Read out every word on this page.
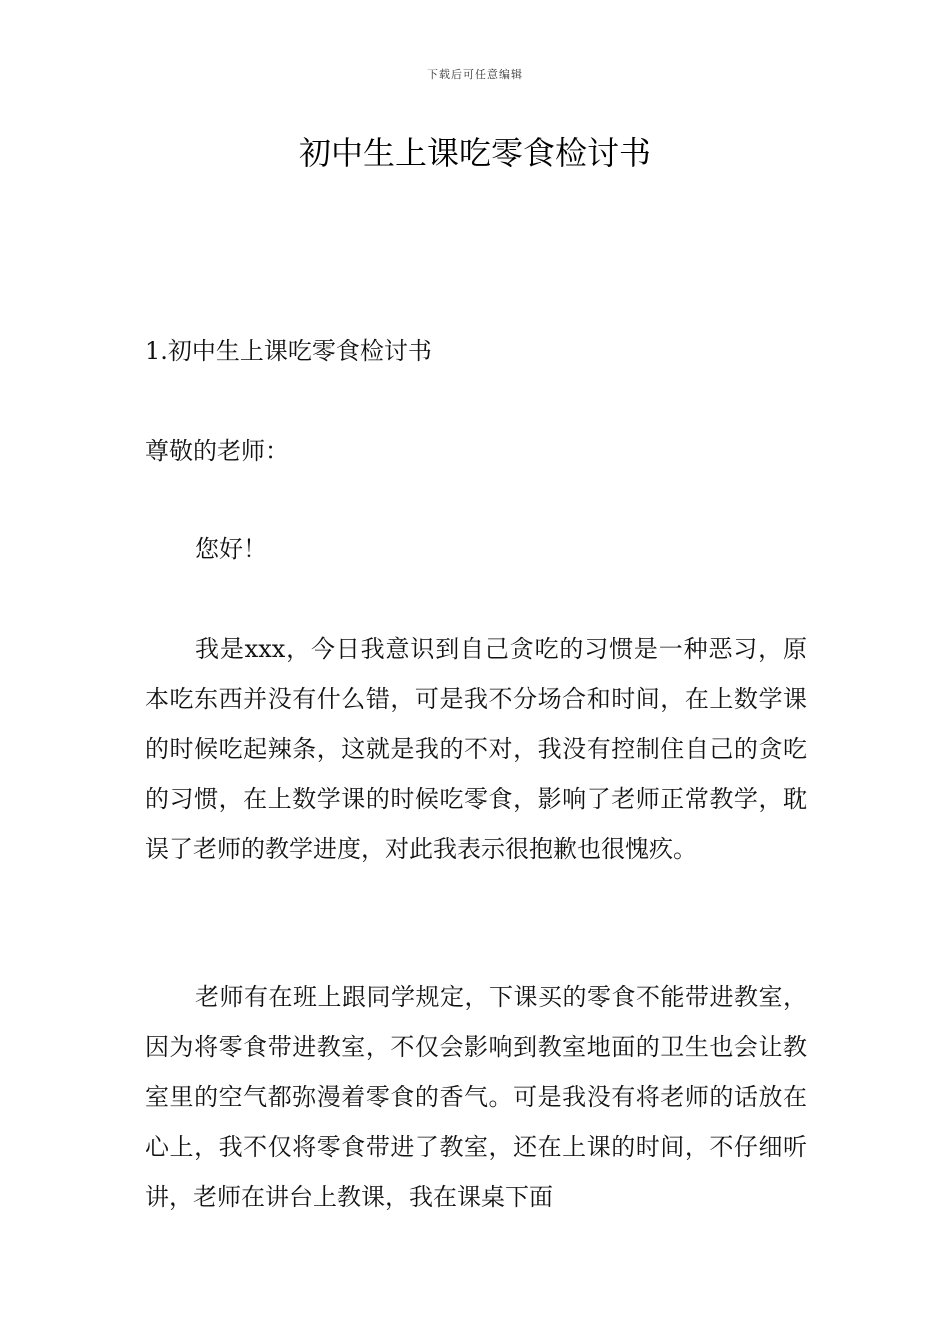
下载后可任意编辑
初中生上课吃零食检讨书

1.初中生上课吃零食检讨书

尊敬的老师：

您好！

我是xxx，今日我意识到自己贪吃的习惯是一种恶习，原本吃东西并没有什么错，可是我不分场合和时间，在上数学课的时候吃起辣条，这就是我的不对，我没有控制住自己的贪吃的习惯，在上数学课的时候吃零食，影响了老师正常教学，耽误了老师的教学进度，对此我表示很抱歉也很愧疚。

老师有在班上跟同学规定，下课买的零食不能带进教室，因为将零食带进教室，不仅会影响到教室地面的卫生也会让教室里的空气都弥漫着零食的香气。可是我没有将老师的话放在心上，我不仅将零食带进了教室，还在上课的时间，不仔细听讲，老师在讲台上教课，我在课桌下面
